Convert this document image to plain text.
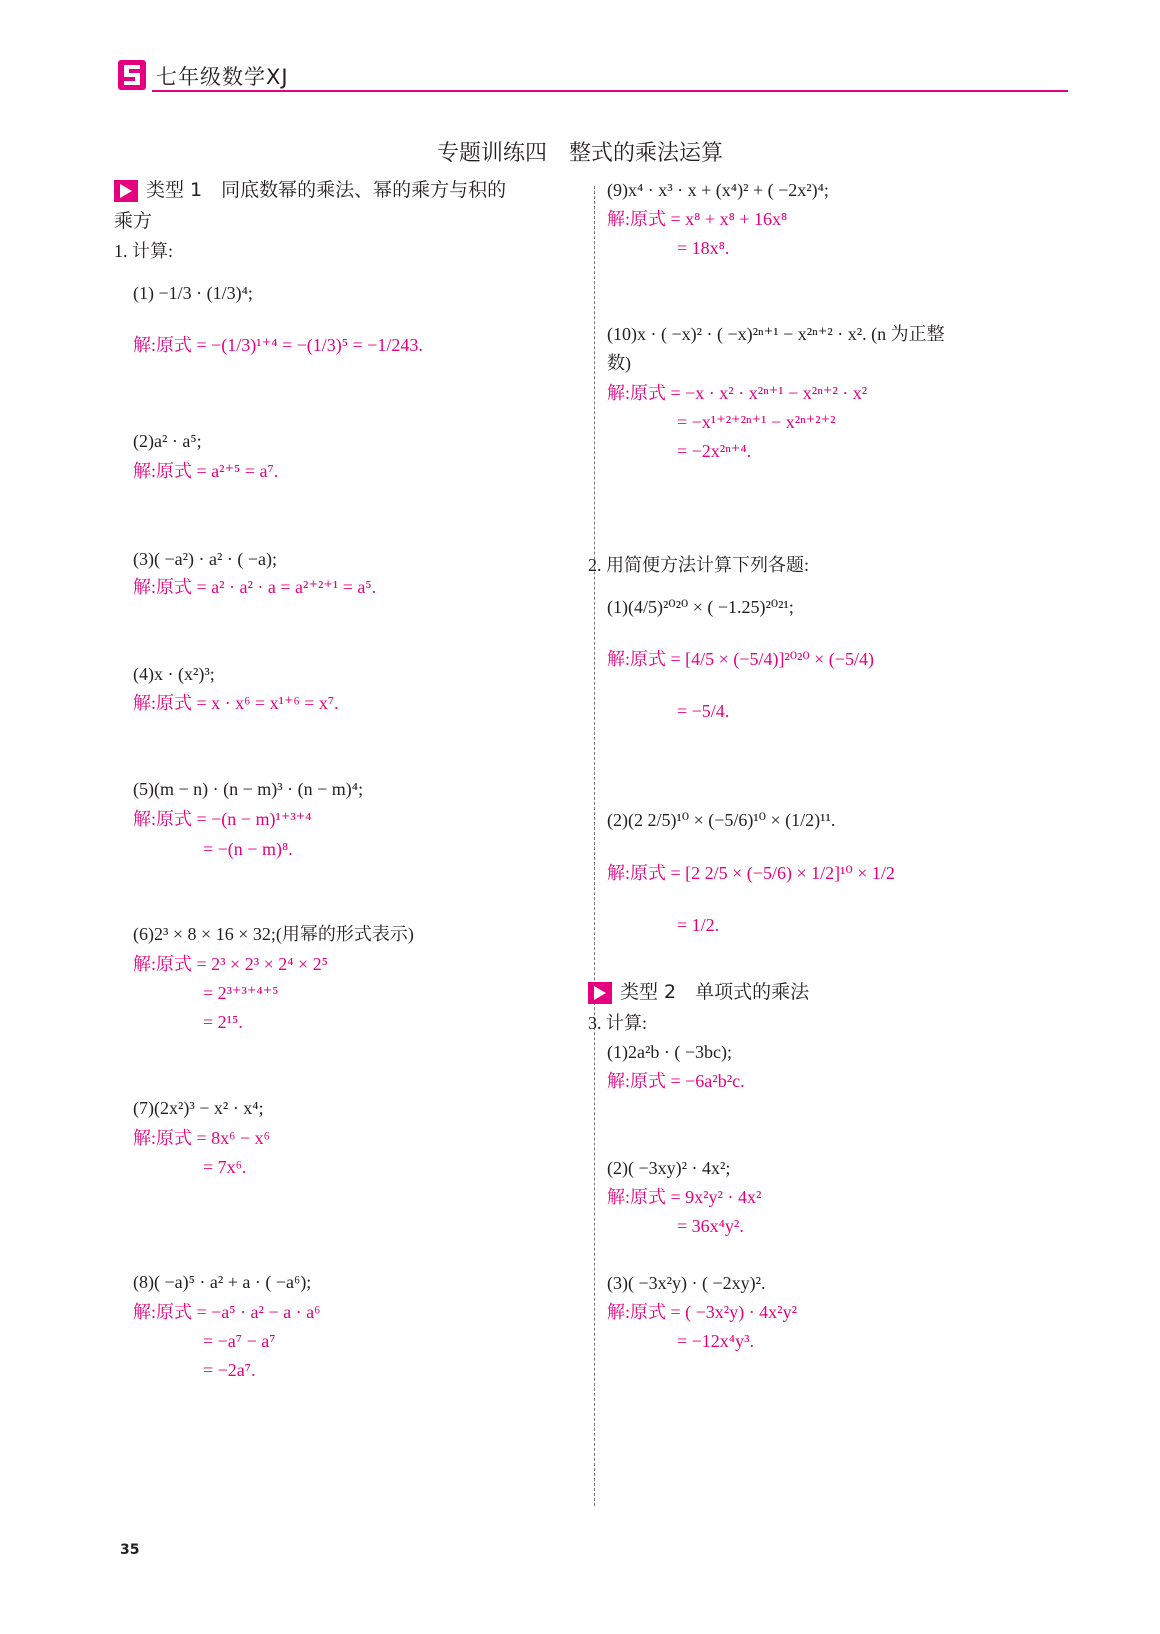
七年级数学XJ
专题训练四　整式的乘法运算
类型 1　同底数幂的乘法、幂的乘方与积的
乘方
1. 计算:
(1) −1/3 · (1/3)⁴;
解:原式 = −(1/3)¹⁺⁴ = −(1/3)⁵ = −1/243.
(2)a² · a⁵;
解:原式 = a²⁺⁵ = a⁷.
(3)( −a²) · a² · ( −a);
解:原式 = a² · a² · a = a²⁺²⁺¹ = a⁵.
(4)x · (x²)³;
解:原式 = x · x⁶ = x¹⁺⁶ = x⁷.
(5)(m − n) · (n − m)³ · (n − m)⁴;
解:原式 = −(n − m)¹⁺³⁺⁴
= −(n − m)⁸.
(6)2³ × 8 × 16 × 32;(用幂的形式表示)
解:原式 = 2³ × 2³ × 2⁴ × 2⁵
= 2³⁺³⁺⁴⁺⁵
= 2¹⁵.
(7)(2x²)³ − x² · x⁴;
解:原式 = 8x⁶ − x⁶
= 7x⁶.
(8)( −a)⁵ · a² + a · ( −a⁶);
解:原式 = −a⁵ · a² − a · a⁶
= −a⁷ − a⁷
= −2a⁷.
(9)x⁴ · x³ · x + (x⁴)² + ( −2x²)⁴;
解:原式 = x⁸ + x⁸ + 16x⁸
= 18x⁸.
(10)x · ( −x)² · ( −x)²ⁿ⁺¹ − x²ⁿ⁺² · x². (n 为正整
数)
解:原式 = −x · x² · x²ⁿ⁺¹ − x²ⁿ⁺² · x²
= −x¹⁺²⁺²ⁿ⁺¹ − x²ⁿ⁺²⁺²
= −2x²ⁿ⁺⁴.
2. 用简便方法计算下列各题:
(1)(4/5)²⁰²⁰ × ( −1.25)²⁰²¹;
解:原式 = [4/5 × (−5/4)]²⁰²⁰ × (−5/4)
= −5/4.
(2)(2 2/5)¹⁰ × (−5/6)¹⁰ × (1/2)¹¹.
解:原式 = [2 2/5 × (−5/6) × 1/2]¹⁰ × 1/2
= 1/2.
类型 2　单项式的乘法
3. 计算:
(1)2a²b · ( −3bc);
解:原式 = −6a²b²c.
(2)( −3xy)² · 4x²;
解:原式 = 9x²y² · 4x²
= 36x⁴y².
(3)( −3x²y) · ( −2xy)².
解:原式 = ( −3x²y) · 4x²y²
= −12x⁴y³.
35
